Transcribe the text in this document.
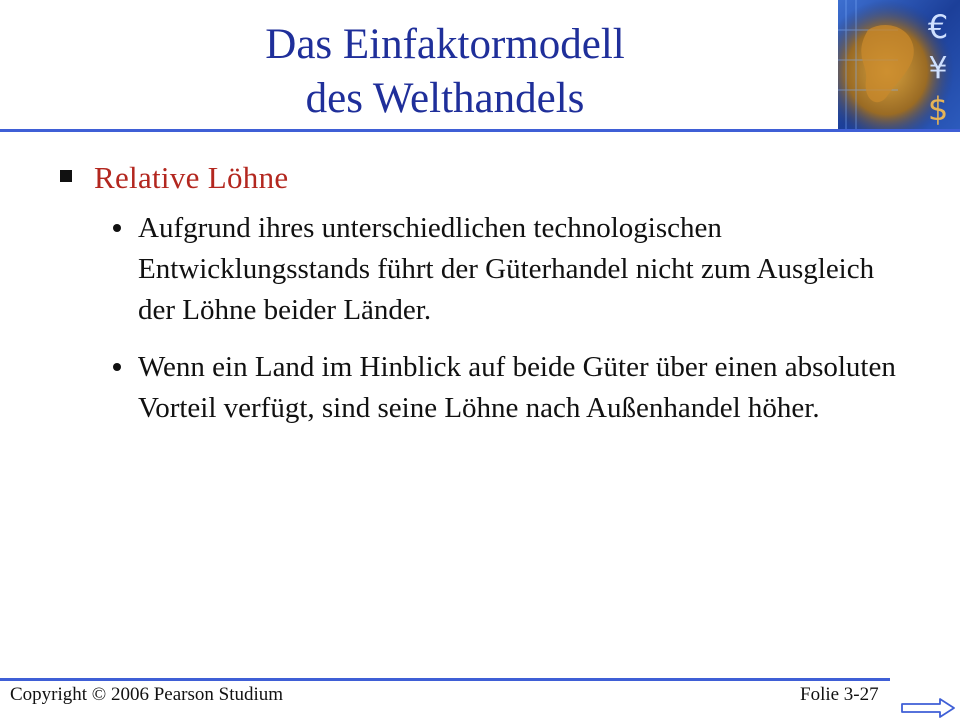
Das Einfaktormodell
des Welthandels
€
¥
$
Relative Löhne
Aufgrund ihres unterschiedlichen technologischen Entwicklungsstands führt der Güterhandel nicht zum Ausgleich der Löhne beider Länder.
Wenn ein Land im Hinblick auf beide Güter über einen absoluten Vorteil verfügt, sind seine Löhne nach Außenhandel höher.
Copyright © 2006 Pearson Studium	Folie 3-27
